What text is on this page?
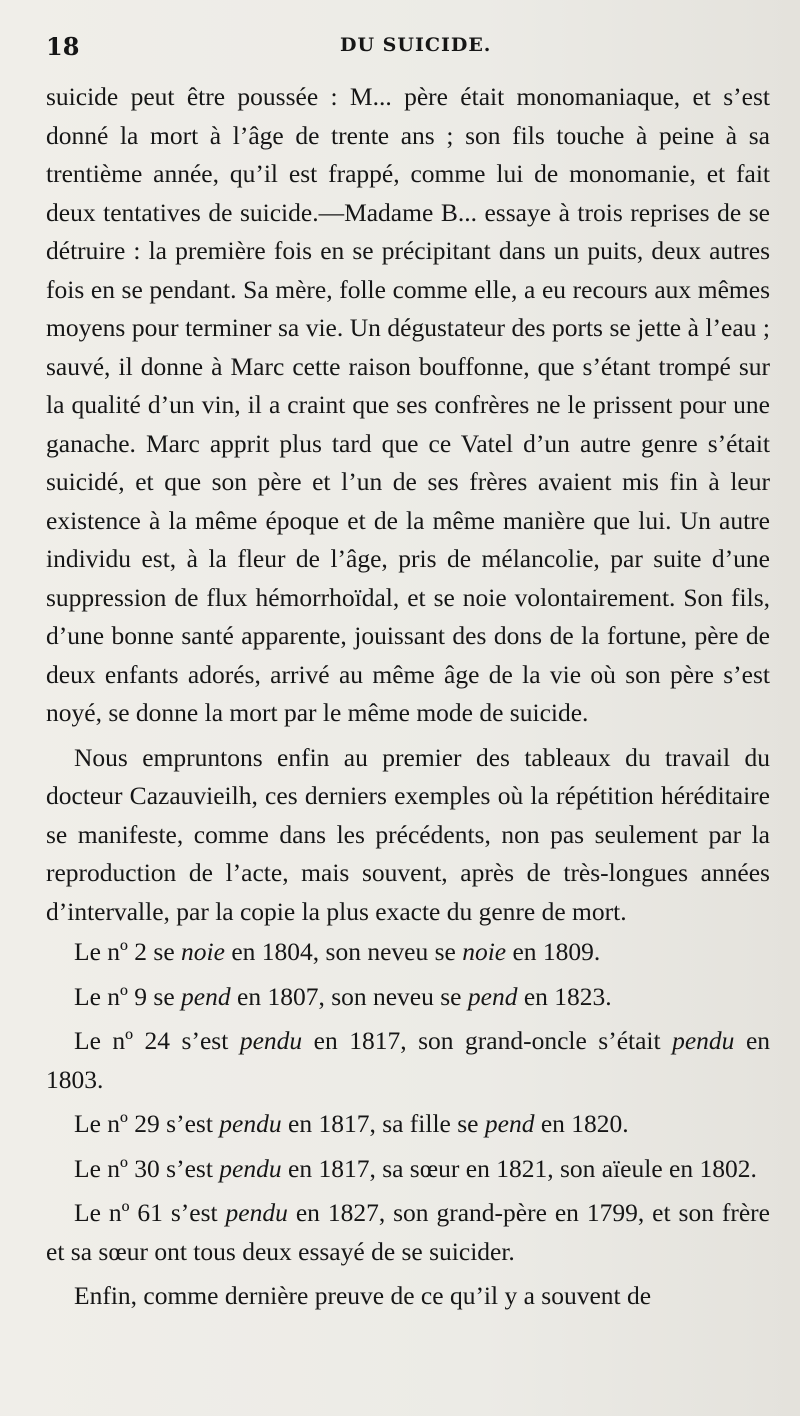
18	DU SUICIDE.

suicide peut être poussée : M... père était monomaniaque, et s’est donné la mort à l’âge de trente ans ; son fils touche à peine à sa trentième année, qu’il est frappé, comme lui de monomanie, et fait deux tentatives de suicide.—Madame B... essaye à trois reprises de se détruire : la première fois en se précipitant dans un puits, deux autres fois en se pendant. Sa mère, folle comme elle, a eu recours aux mêmes moyens pour terminer sa vie. Un dégustateur des ports se jette à l’eau ; sauvé, il donne à Marc cette raison bouffonne, que s’étant trompé sur la qualité d’un vin, il a craint que ses confrères ne le prissent pour une ganache. Marc apprit plus tard que ce Vatel d’un autre genre s’était suicidé, et que son père et l’un de ses frères avaient mis fin à leur existence à la même époque et de la même manière que lui. Un autre individu est, à la fleur de l’âge, pris de mélancolie, par suite d’une suppression de flux hémorrhoïdal, et se noie volontairement. Son fils, d’une bonne santé apparente, jouissant des dons de la fortune, père de deux enfants adorés, arrivé au même âge de la vie où son père s’est noyé, se donne la mort par le même mode de suicide.

Nous empruntons enfin au premier des tableaux du travail du docteur Cazauvieilh, ces derniers exemples où la répétition héréditaire se manifeste, comme dans les précédents, non pas seulement par la reproduction de l’acte, mais souvent, après de très-longues années d’intervalle, par la copie la plus exacte du genre de mort.

Le nº 2 se noie en 1804, son neveu se noie en 1809.

Le nº 9 se pend en 1807, son neveu se pend en 1823.

Le nº 24 s’est pendu en 1817, son grand-oncle s’était pendu en 1803.

Le nº 29 s’est pendu en 1817, sa fille se pend en 1820.

Le nº 30 s’est pendu en 1817, sa sœur en 1821, son aïeule en 1802.

Le nº 61 s’est pendu en 1827, son grand-père en 1799, et son frère et sa sœur ont tous deux essayé de se suicider.

Enfin, comme dernière preuve de ce qu’il y a souvent de
